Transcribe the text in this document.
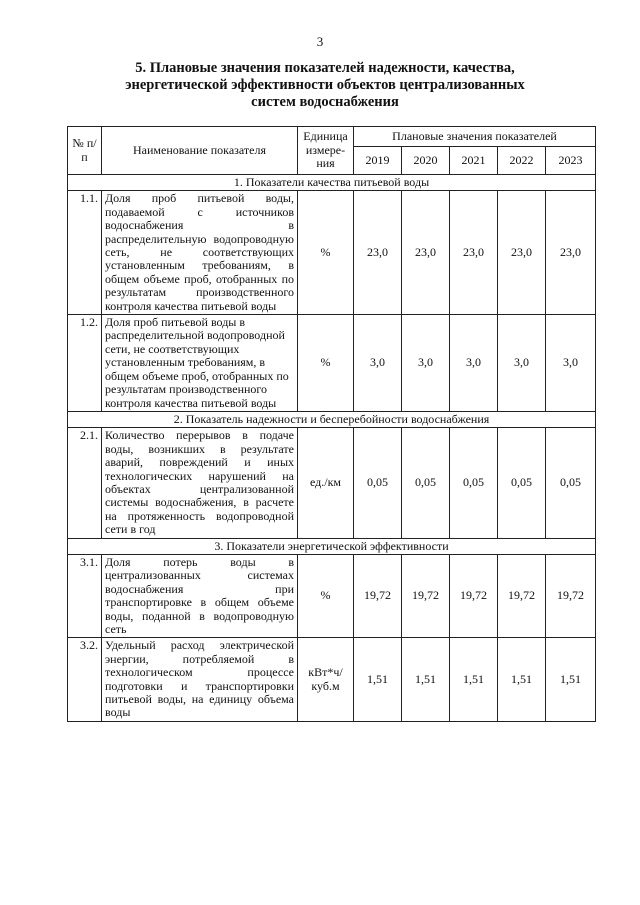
3
5. Плановые значения показателей надежности, качества, энергетической эффективности объектов централизованных систем водоснабжения
№ п/п	Наименование показателя	Единица измере-ния	Плановые значения показателей				
			2019	2020	2021	2022	2023
1. Показатели качества питьевой воды							
1.1.	Доля проб питьевой воды, подаваемой с источников водоснабжения в распределительную водопроводную сеть, не соответствующих установленным требованиям, в общем объеме проб, отобранных по результатам производственного контроля качества питьевой воды	%	23,0	23,0	23,0	23,0	23,0
1.2.	Доля проб питьевой воды в распределительной водопроводной сети, не соответствующих установленным требованиям, в общем объеме проб, отобранных по результатам производственного контроля качества питьевой воды	%	3,0	3,0	3,0	3,0	3,0
2. Показатель надежности и бесперебойности водоснабжения							
2.1.	Количество перерывов в подаче воды, возникших в результате аварий, повреждений и иных технологических нарушений на объектах централизованной системы водоснабжения, в расчете на протяженность водопроводной сети в год	ед./км	0,05	0,05	0,05	0,05	0,05
3. Показатели энергетической эффективности							
3.1.	Доля потерь воды в централизованных системах водоснабжения при транспортировке в общем объеме воды, поданной в водопроводную сеть	%	19,72	19,72	19,72	19,72	19,72
3.2.	Удельный расход электрической энергии, потребляемой в технологическом процессе подготовки и транспортировки питьевой воды, на единицу объема воды	кВт*ч/ куб.м	1,51	1,51	1,51	1,51	1,51
